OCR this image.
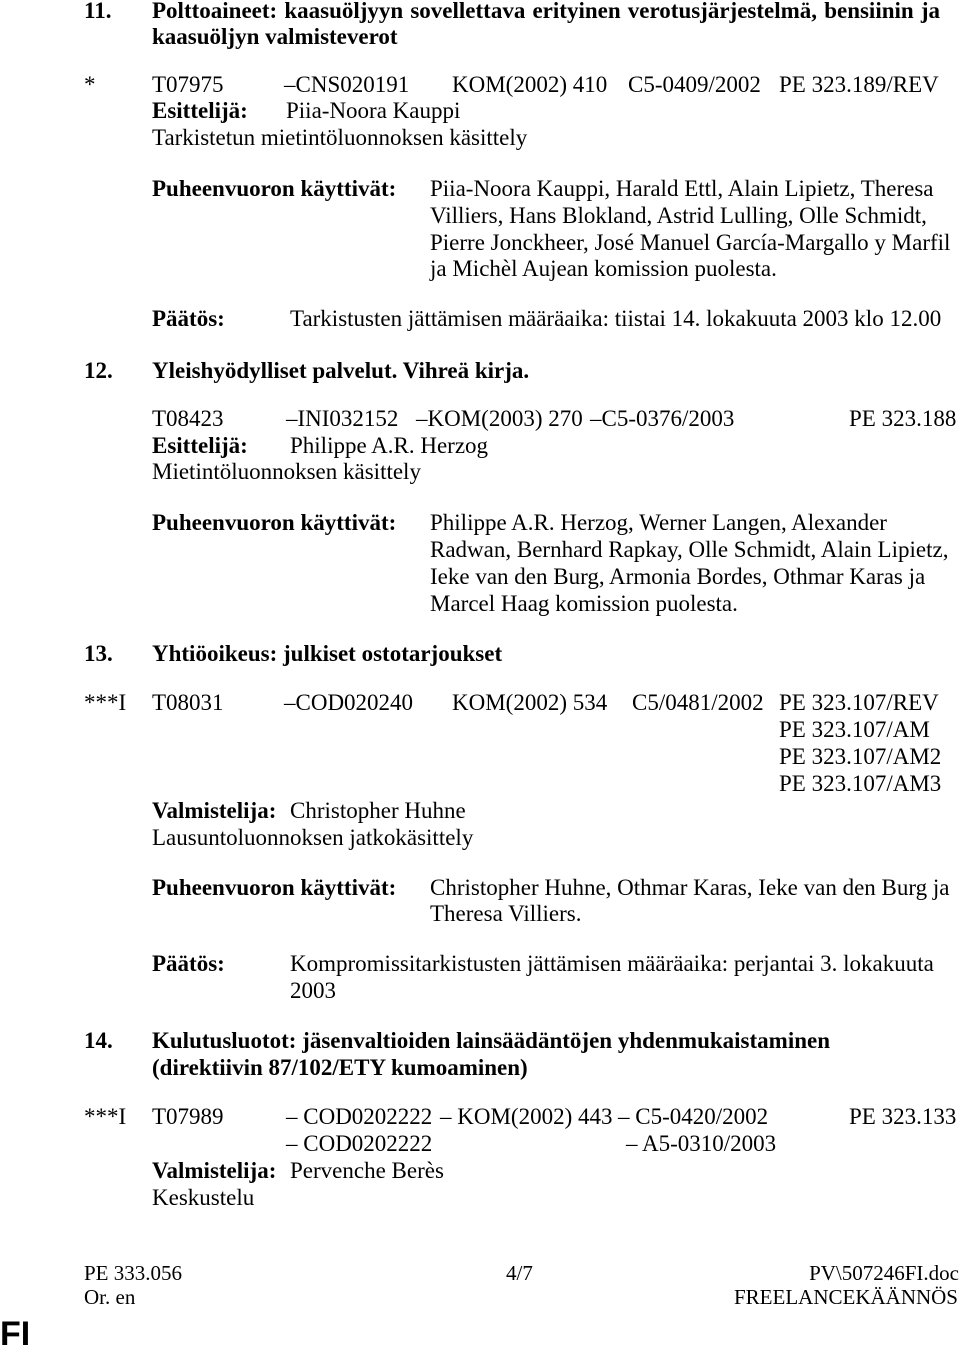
11. Polttoaineet: kaasuöljyyn sovellettava erityinen verotusjärjestelmä, bensiinin ja
kaasuöljyn valmisteverot
* T07975	–CNS020191 KOM(2002) 410 C5-0409/2002 PE 323.189/REV
Esittelijä: Piia-Noora Kauppi
Tarkistetun mietintöluonnoksen käsittely
Puheenvuoron käyttivät: Piia-Noora Kauppi, Harald Ettl, Alain Lipietz, Theresa
Villiers, Hans Blokland, Astrid Lulling, Olle Schmidt,
Pierre Jonckheer, José Manuel García-Margallo y Marfil
ja Michèl Aujean komission puolesta.
Päätös:	Tarkistusten jättämisen määräaika: tiistai 14. lokakuuta 2003 klo 12.00
12. Yleishyödylliset palvelut. Vihreä kirja.
T08423	–INI032152 –KOM(2003) 270 –C5-0376/2003	PE 323.188
Esittelijä: Philippe A.R. Herzog
Mietintöluonnoksen käsittely
Puheenvuoron käyttivät: Philippe A.R. Herzog, Werner Langen, Alexander
Radwan, Bernhard Rapkay, Olle Schmidt, Alain Lipietz,
Ieke van den Burg, Armonia Bordes, Othmar Karas ja
Marcel Haag komission puolesta.
13. Yhtiöoikeus: julkiset ostotarjoukset
***I T08031	–COD020240 KOM(2002) 534 C5/0481/2002 PE 323.107/REV
PE 323.107/AM
PE 323.107/AM2
PE 323.107/AM3
Valmistelija: Christopher Huhne
Lausuntoluonnoksen jatkokäsittely
Puheenvuoron käyttivät: Christopher Huhne, Othmar Karas, Ieke van den Burg ja
Theresa Villiers.
Päätös:	Kompromissitarkistusten jättämisen määräaika: perjantai 3. lokakuuta
2003
14. Kulutusluotot: jäsenvaltioiden lainsäädäntöjen yhdenmukaistaminen
(direktiivin 87/102/ETY kumoaminen)
***I T07989	– COD0202222 – KOM(2002) 443 – C5-0420/2002	PE 323.133
– COD0202222	– A5-0310/2003
Valmistelija: Pervenche Berès
Keskustelu
PE 333.056	4/7	PV\507246FI.doc
Or. en	FREELANCEKÄÄNNÖS
FI
